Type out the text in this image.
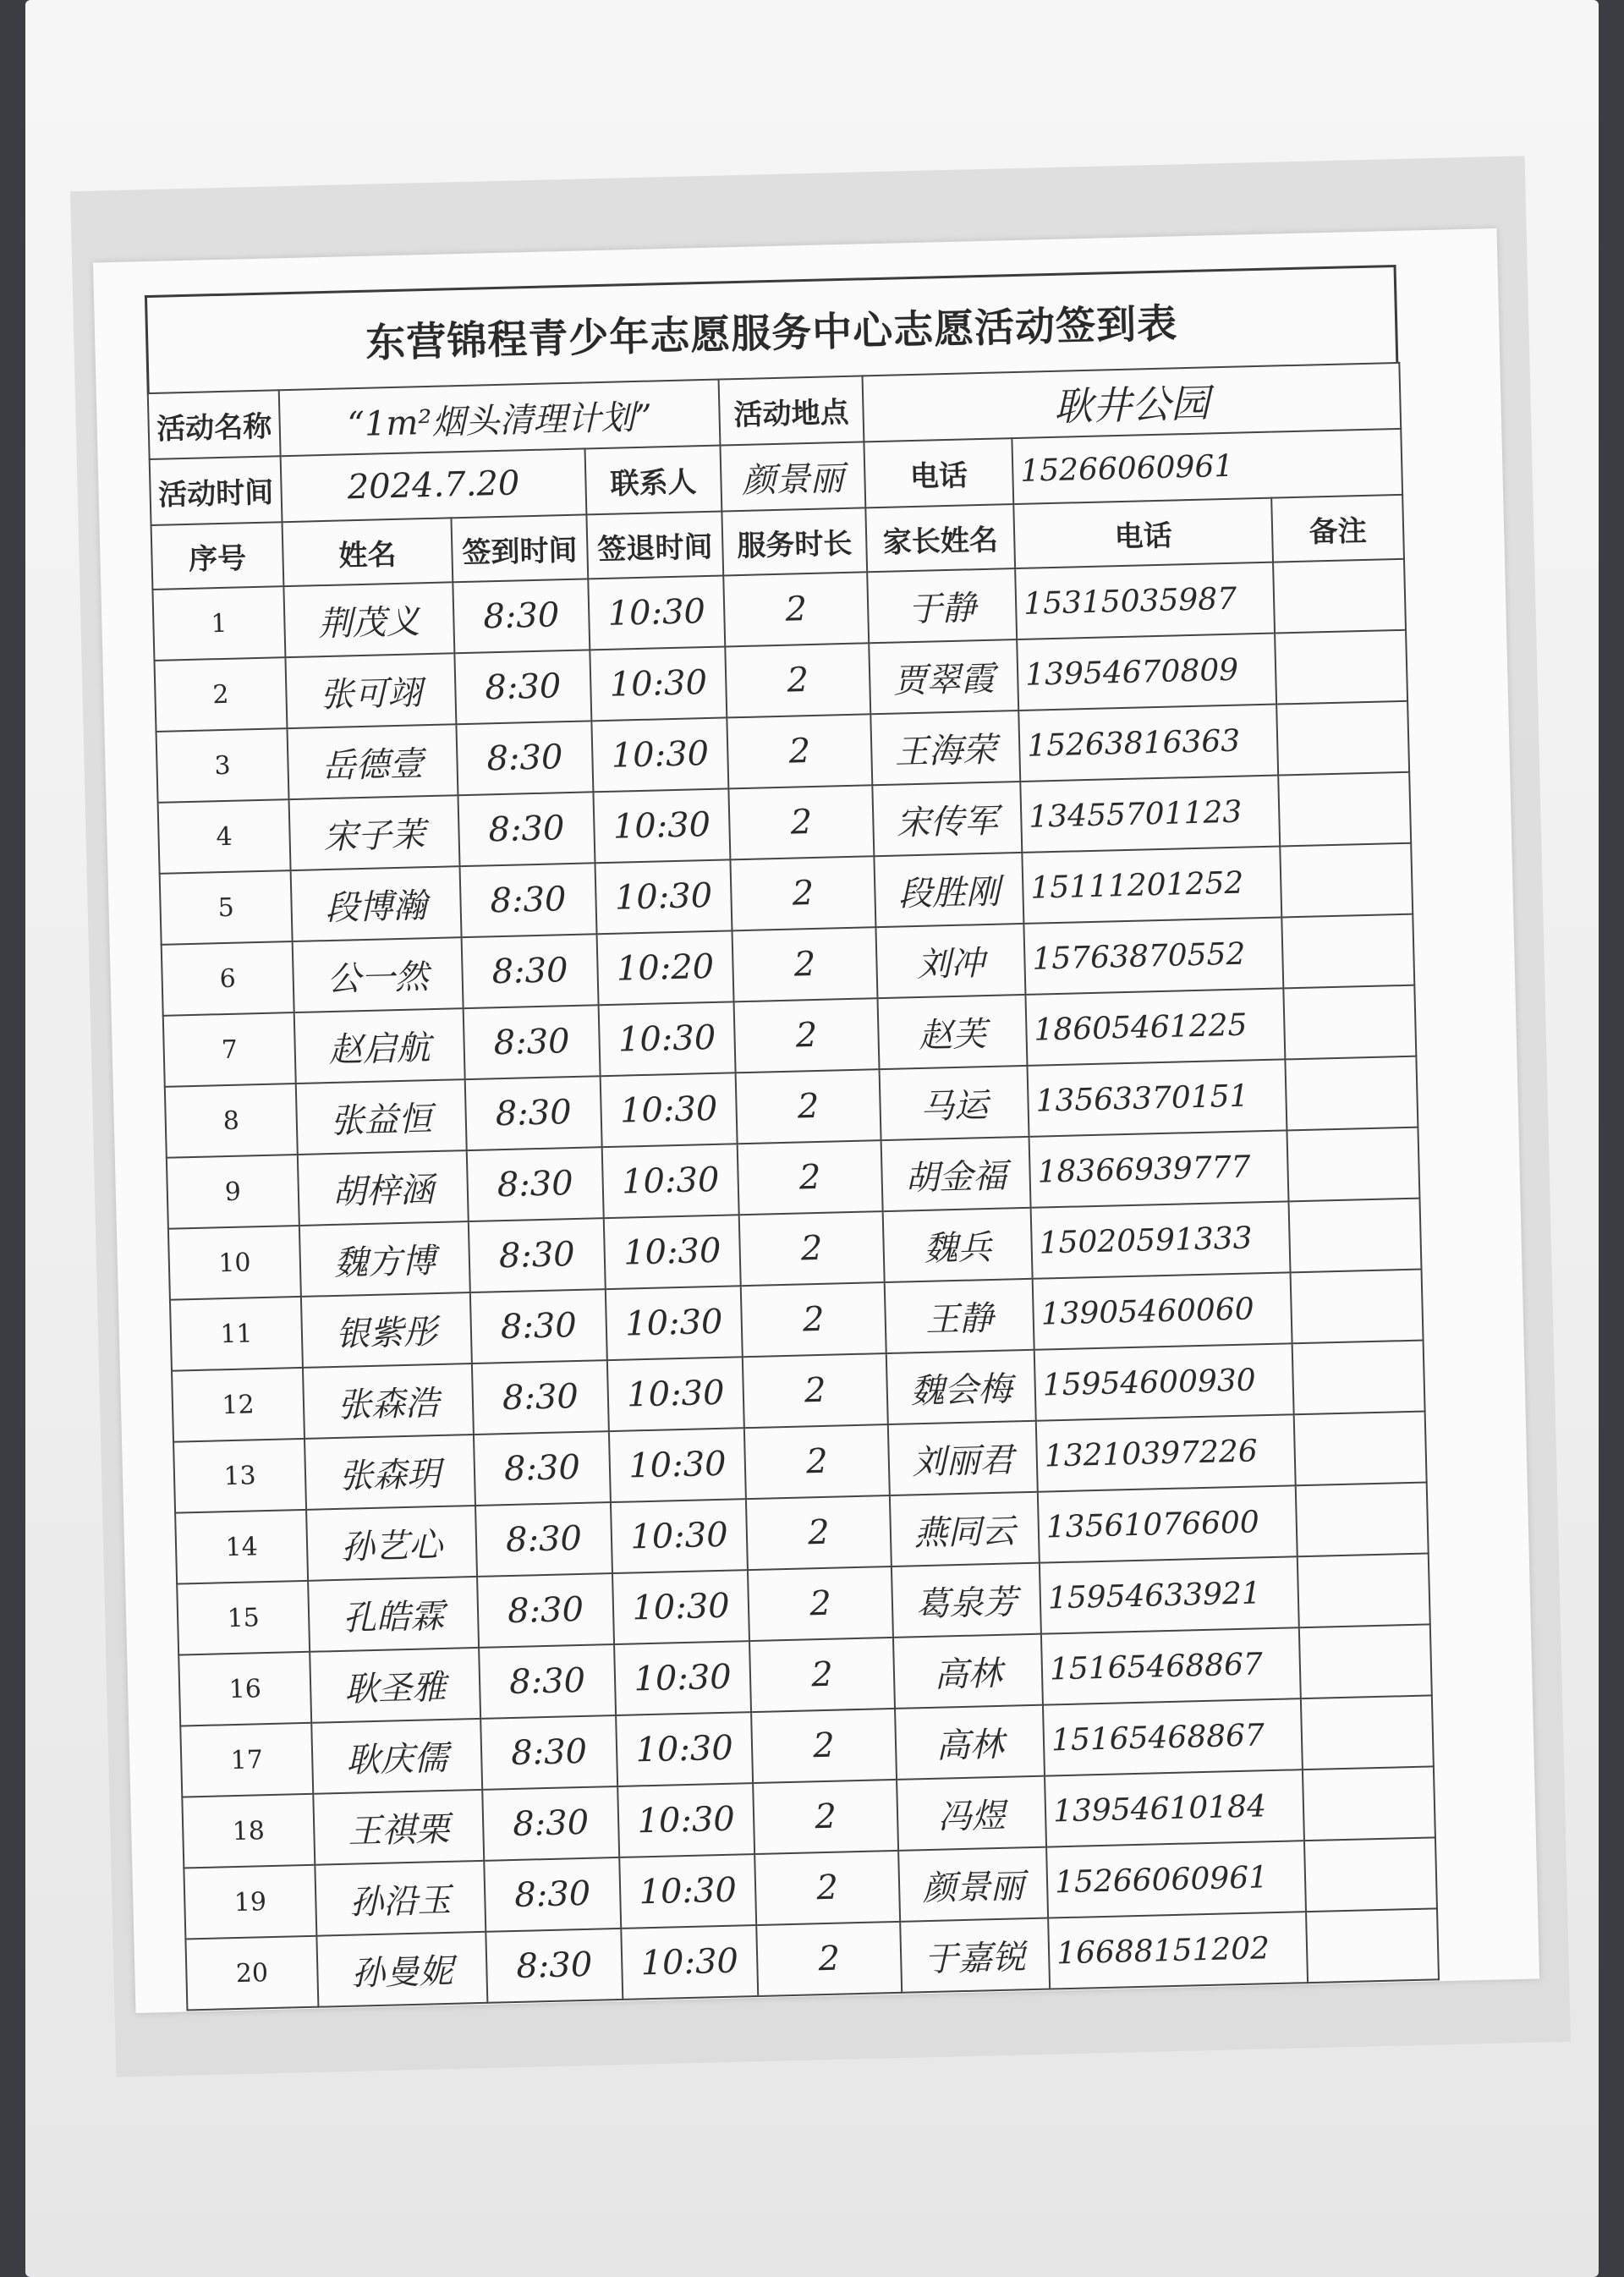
东营锦程青少年志愿服务中心志愿活动签到表
活动名称	“1m²烟头清理计划”			活动地点	耿井公园		
活动时间	2024.7.20		联系人	颜景丽	电话	15266060961	
序号	姓名	签到时间	签退时间	服务时长	家长姓名	电话	备注
1	荆茂义	8:30	10:30	2	于静	15315035987	
2	张可翊	8:30	10:30	2	贾翠霞	13954670809	
3	岳德壹	8:30	10:30	2	王海荣	15263816363	
4	宋子茉	8:30	10:30	2	宋传军	13455701123	
5	段博瀚	8:30	10:30	2	段胜刚	15111201252	
6	公一然	8:30	10:20	2	刘冲	15763870552	
7	赵启航	8:30	10:30	2	赵芙	18605461225	
8	张益恒	8:30	10:30	2	马运	13563370151	
9	胡梓涵	8:30	10:30	2	胡金福	18366939777	
10	魏方博	8:30	10:30	2	魏兵	15020591333	
11	银紫彤	8:30	10:30	2	王静	13905460060	
12	张森浩	8:30	10:30	2	魏会梅	15954600930	
13	张森玥	8:30	10:30	2	刘丽君	13210397226	
14	孙艺心	8:30	10:30	2	燕同云	13561076600	
15	孔皓霖	8:30	10:30	2	葛泉芳	15954633921	
16	耿圣雅	8:30	10:30	2	高林	15165468867	
17	耿庆儒	8:30	10:30	2	高林	15165468867	
18	王祺栗	8:30	10:30	2	冯煜	13954610184	
19	孙沿玉	8:30	10:30	2	颜景丽	15266060961	
20	孙曼妮	8:30	10:30	2	于嘉锐	16688151202	
